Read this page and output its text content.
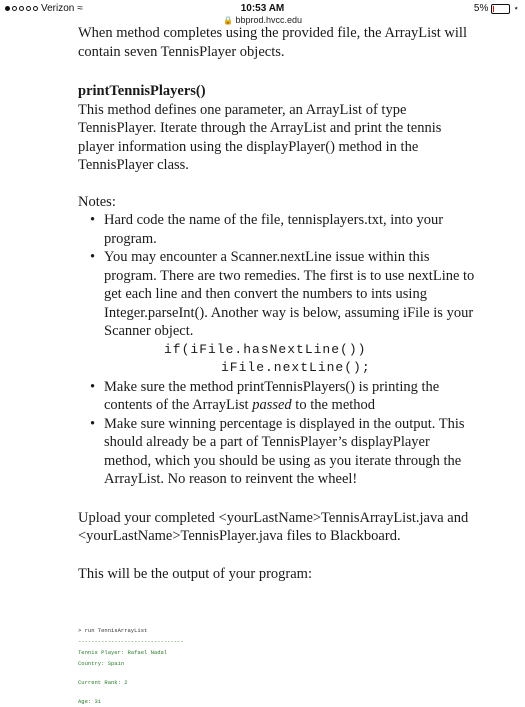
Verizon ≈	10:53 AM
🔒 bbprod.hvcc.edu
5%	⋆

When method completes using the provided file, the ArrayList will contain seven TennisPlayer objects.

printTennisPlayers()

This method defines one parameter, an ArrayList of type TennisPlayer. Iterate through the ArrayList and print the tennis player information using the displayPlayer() method in the TennisPlayer class.

Notes:

• Hard code the name of the file, tennisplayers.txt, into your program.
• You may encounter a Scanner.nextLine issue within this program. There are two remedies. The first is to use nextLine to get each line and then convert the numbers to ints using Integer.parseInt(). Another way is below, assuming iFile is your Scanner object.
if(iFile.hasNextLine())
iFile.nextLine();
• Make sure the method printTennisPlayers() is printing the contents of the ArrayList passed to the method
• Make sure winning percentage is displayed in the output. This should already be a part of TennisPlayer’s displayPlayer method, which you should be using as you iterate through the ArrayList. No reason to reinvent the wheel!

Upload your completed <yourLastName>TennisArrayList.java and <yourLastName>TennisPlayer.java files to Blackboard.

This will be the output of your program:

> run TennisArrayList
--------------------------------
Tennis Player: Rafael Nadal
Country: Spain
Current Rank: 2
Age: 31
